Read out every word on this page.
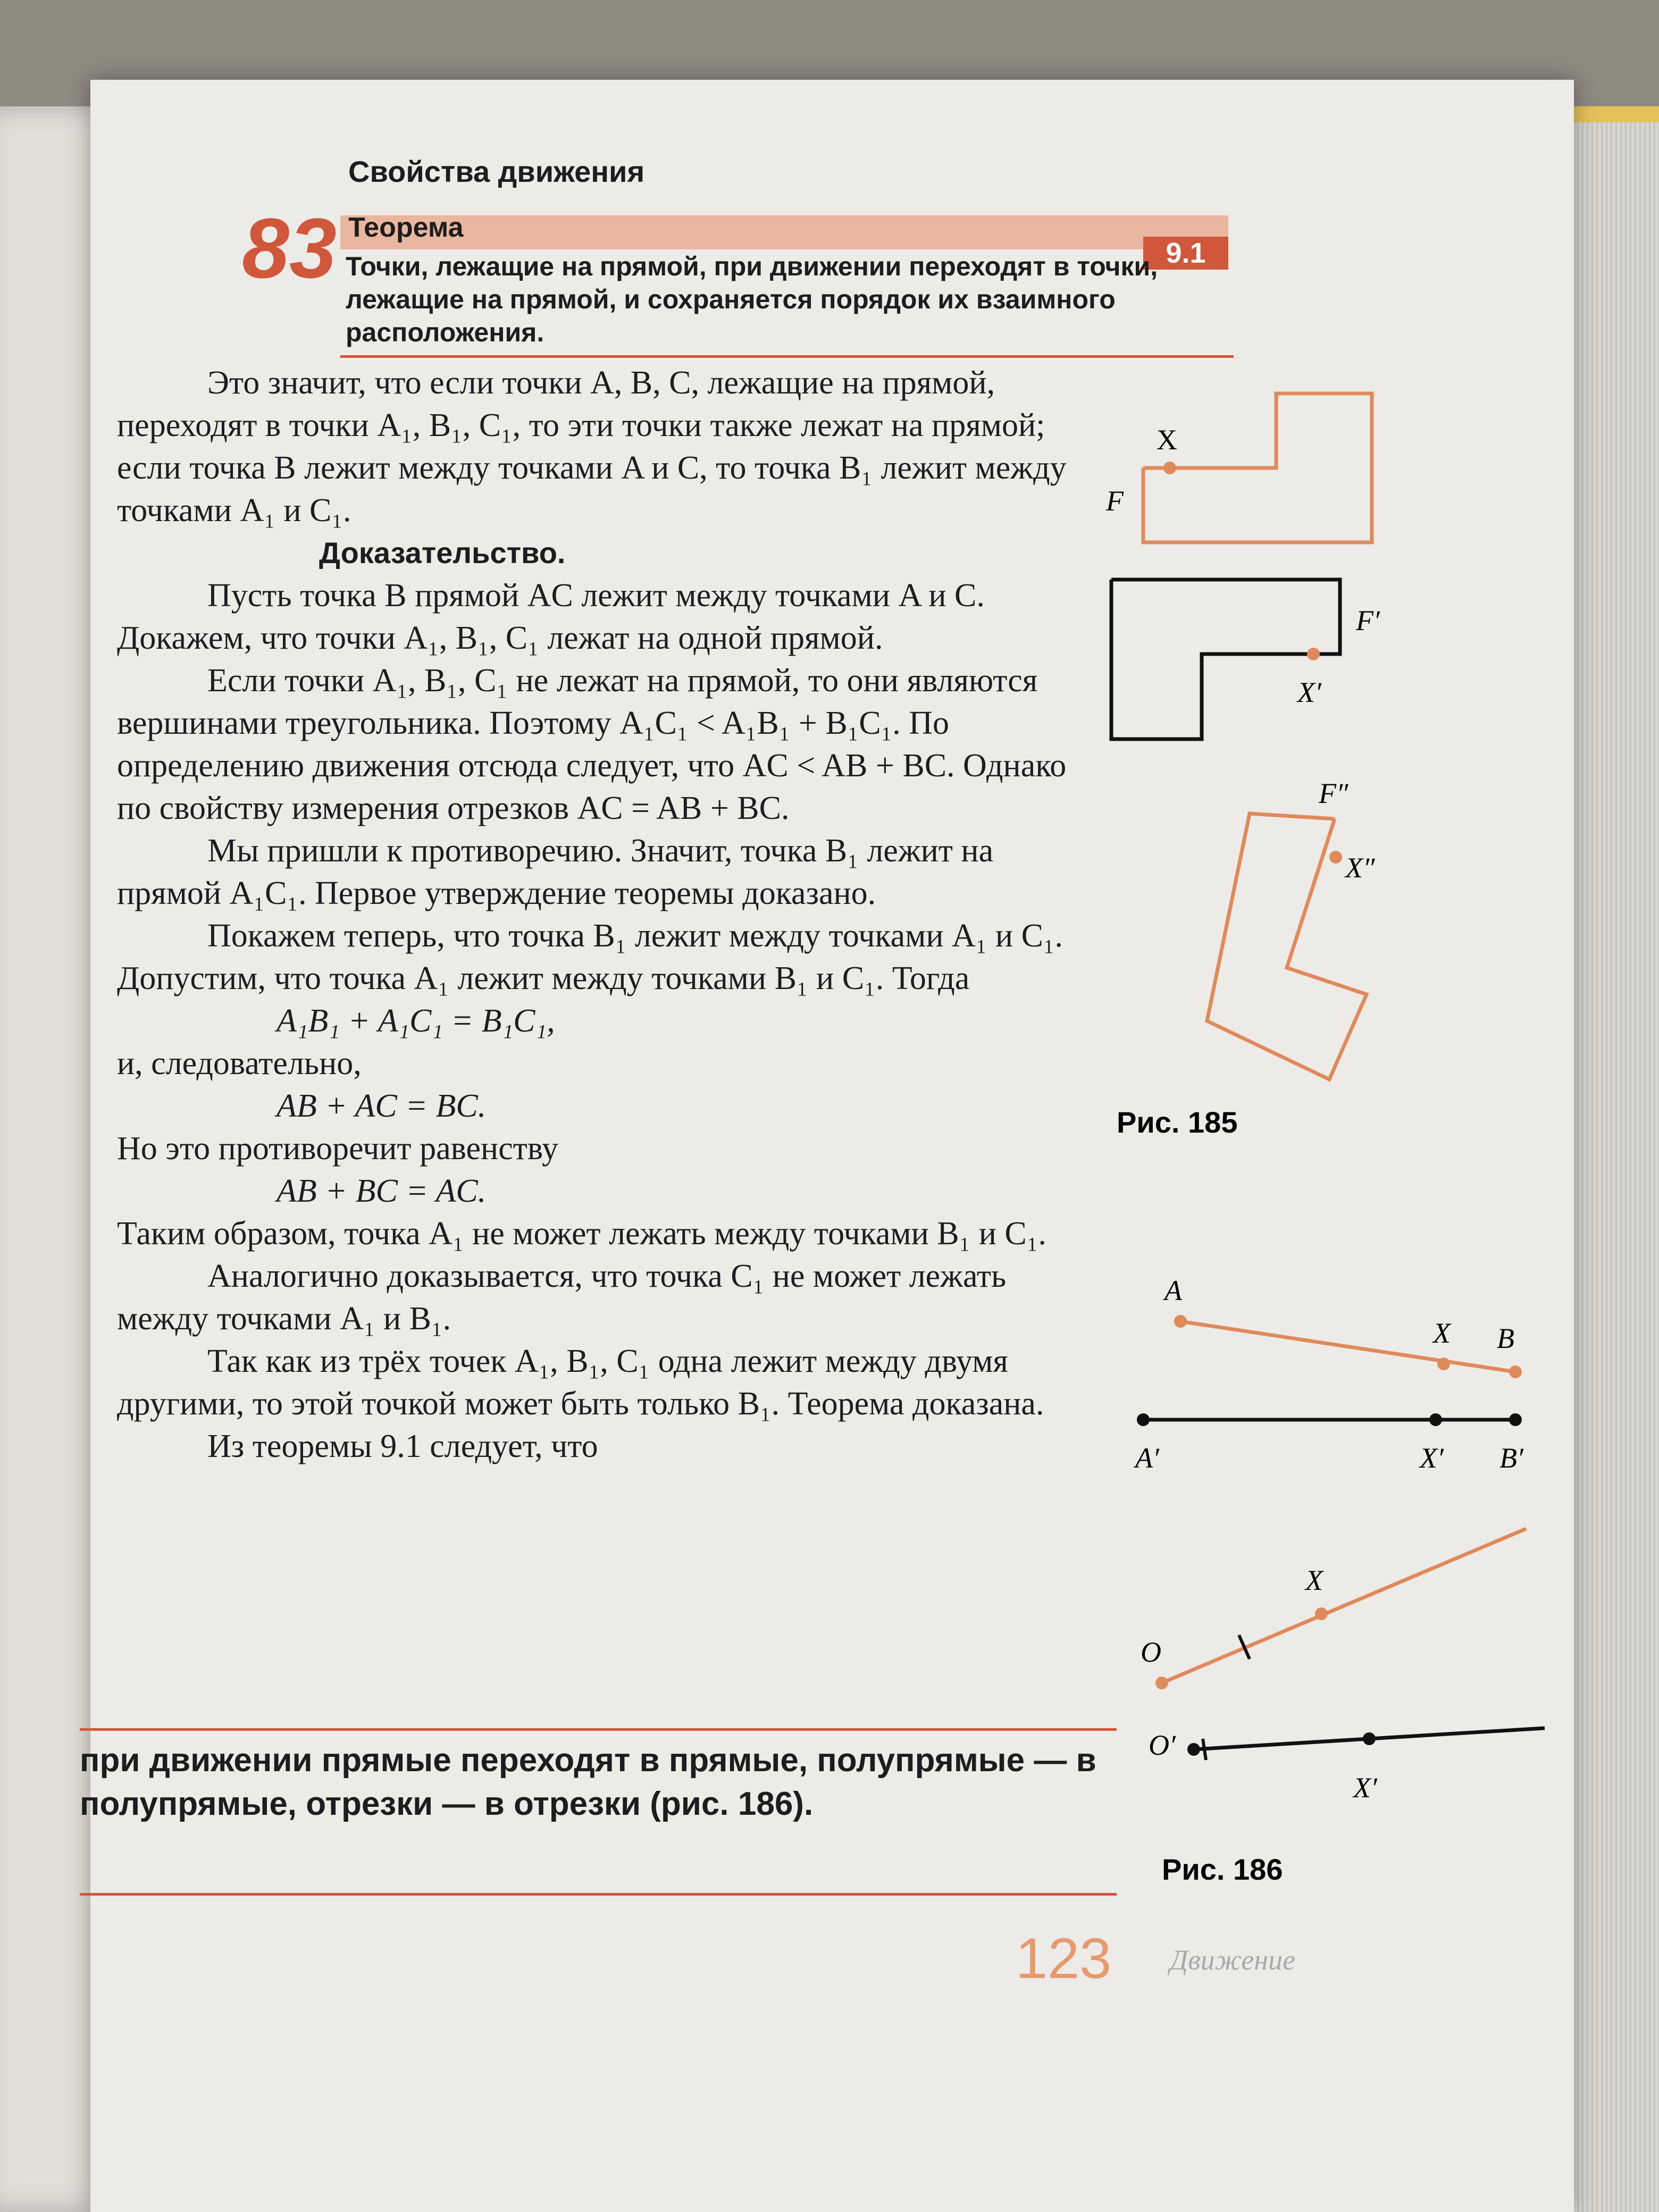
83
Свойства движения
Теорема
9.1
Точки, лежащие на прямой, при движении переходят в точки, лежащие на прямой, и сохраняется порядок их взаимного расположения.

Это значит, что если точки A, B, C, лежащие на прямой, переходят в точки A₁, B₁, C₁, то эти точки также лежат на прямой; если точка B лежит между точками A и C, то точка B₁ лежит между точками A₁ и C₁.

Доказательство.

Пусть точка B прямой AC лежит между точками A и C. Докажем, что точки A₁, B₁, C₁ лежат на одной прямой.

Если точки A₁, B₁, C₁ не лежат на прямой, то они являются вершинами треугольника. Поэтому A₁C₁ < A₁B₁ + B₁C₁. По определению движения отсюда следует, что AC < AB + BC. Однако по свойству измерения отрезков AC = AB + BC.

Мы пришли к противоречию. Значит, точка B₁ лежит на прямой A₁C₁. Первое утверждение теоремы доказано.

Покажем теперь, что точка B₁ лежит между точками A₁ и C₁. Допустим, что точка A₁ лежит между точками B₁ и C₁. Тогда

A₁B₁ + A₁C₁ = B₁C₁,

и, следовательно,

AB + AC = BC.

Но это противоречит равенству

AB + BC = AC.

Таким образом, точка A₁ не может лежать между точками B₁ и C₁.

Аналогично доказывается, что точка C₁ не может лежать между точками A₁ и B₁.

Так как из трёх точек A₁, B₁, C₁ одна лежит между двумя другими, то этой точкой может быть только B₁. Теорема доказана.

Из теоремы 9.1 следует, что

при движении прямые переходят в прямые, полупрямые — в полупрямые, отрезки — в отрезки (рис. 186).
X
F
F′
X′
F″
X″
Рис. 185
A
X B
A′	X′ B′
O
X
O′
X′
Рис. 186
123 Движение
